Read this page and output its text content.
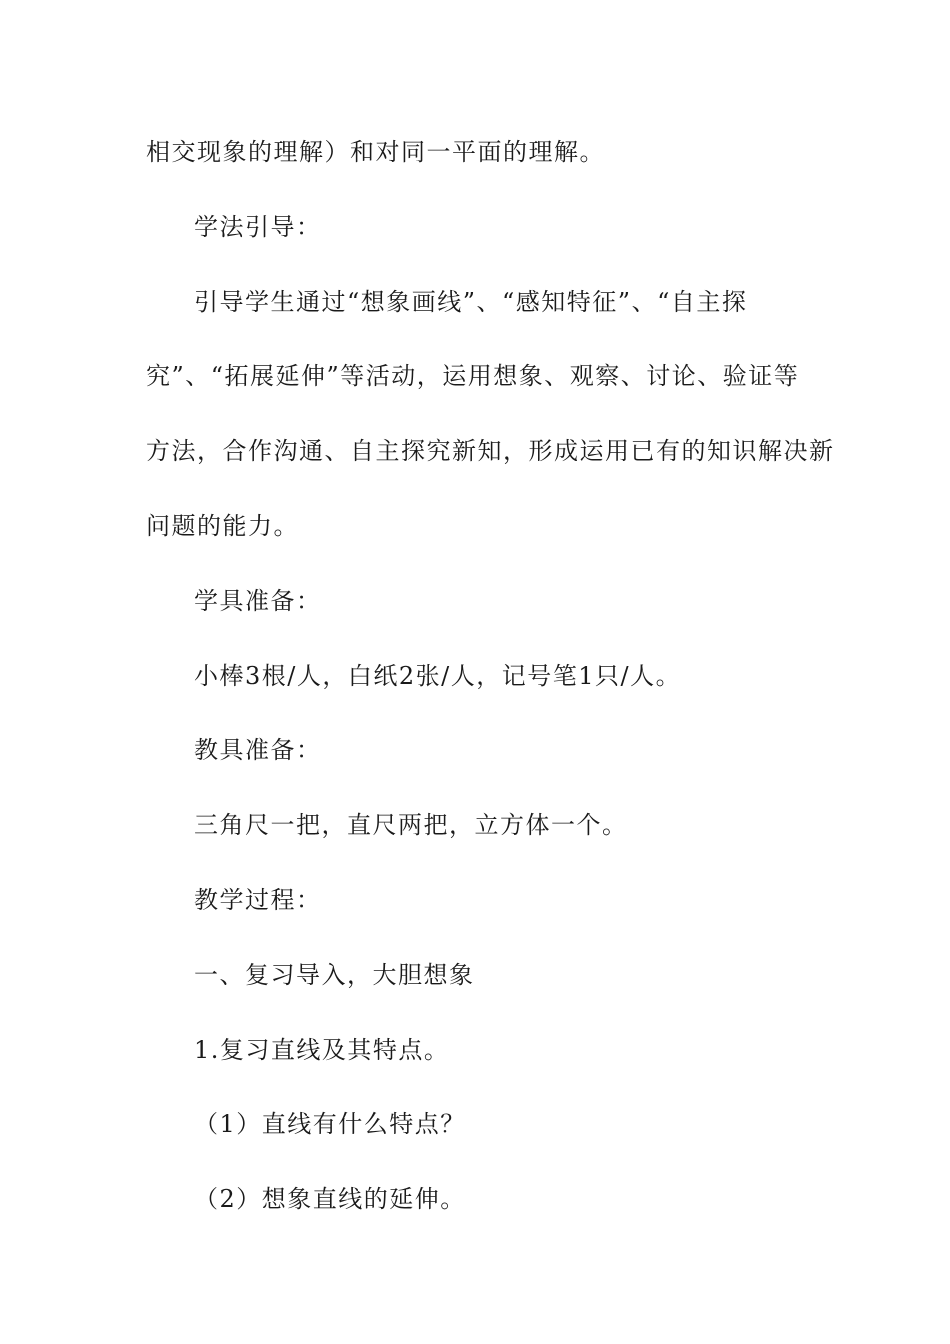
相交现象的理解）和对同一平面的理解。
学法引导：
引导学生通过“想象画线”、“感知特征”、“自主探
究”、“拓展延伸”等活动，运用想象、观察、讨论、验证等
方法，合作沟通、自主探究新知，形成运用已有的知识解决新
问题的能力。
学具准备：
小棒3根/人，白纸2张/人，记号笔1只/人。
教具准备：
三角尺一把，直尺两把，立方体一个。
教学过程：
一、复习导入，大胆想象
1.复习直线及其特点。
（1）直线有什么特点？
（2）想象直线的延伸。
